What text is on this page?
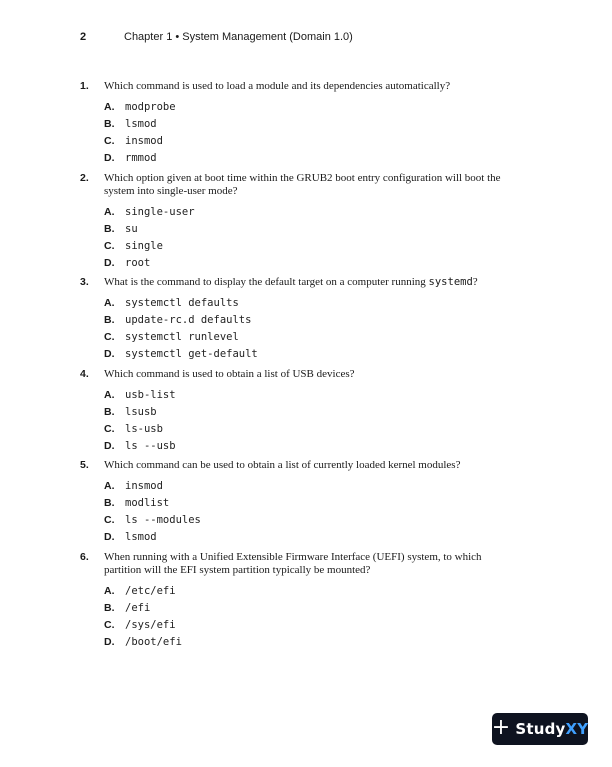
2	Chapter 1 • System Management (Domain 1.0)
1. Which command is used to load a module and its dependencies automatically?

A. modprobe
B. lsmod
C. insmod
D. rmmod
2. Which option given at boot time within the GRUB2 boot entry configuration will boot the system into single-user mode?

A. single-user
B. su
C. single
D. root
3. What is the command to display the default target on a computer running systemd?

A. systemctl defaults
B. update-rc.d defaults
C. systemctl runlevel
D. systemctl get-default
4. Which command is used to obtain a list of USB devices?

A. usb-list
B. lsusb
C. ls-usb
D. ls --usb
5. Which command can be used to obtain a list of currently loaded kernel modules?

A. insmod
B. modlist
C. ls --modules
D. lsmod
6. When running with a Unified Extensible Firmware Interface (UEFI) system, to which partition will the EFI system partition typically be mounted?

A. /etc/efi
B. /efi
C. /sys/efi
D. /boot/efi
+ Study XY
